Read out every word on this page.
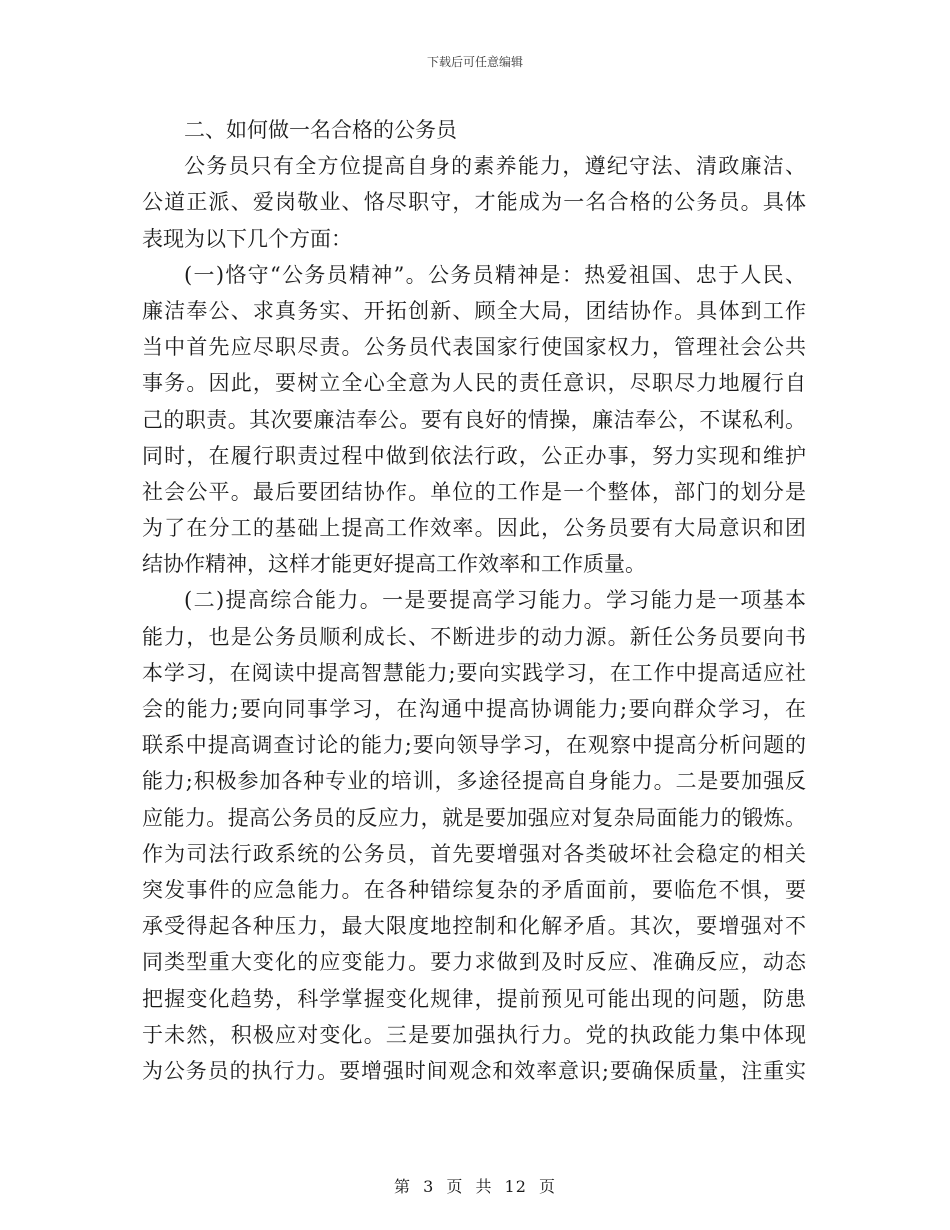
下载后可任意编辑
二、如何做一名合格的公务员
公务员只有全方位提高自身的素养能力，遵纪守法、清政廉洁、
公道正派、爱岗敬业、恪尽职守，才能成为一名合格的公务员。具体
表现为以下几个方面：
(一)恪守“公务员精神”。公务员精神是：热爱祖国、忠于人民、
廉洁奉公、求真务实、开拓创新、顾全大局，团结协作。具体到工作
当中首先应尽职尽责。公务员代表国家行使国家权力，管理社会公共
事务。因此，要树立全心全意为人民的责任意识，尽职尽力地履行自
己的职责。其次要廉洁奉公。要有良好的情操，廉洁奉公，不谋私利。
同时，在履行职责过程中做到依法行政，公正办事，努力实现和维护
社会公平。最后要团结协作。单位的工作是一个整体，部门的划分是
为了在分工的基础上提高工作效率。因此，公务员要有大局意识和团
结协作精神，这样才能更好提高工作效率和工作质量。
(二)提高综合能力。一是要提高学习能力。学习能力是一项基本
能力，也是公务员顺利成长、不断进步的动力源。新任公务员要向书
本学习，在阅读中提高智慧能力;要向实践学习，在工作中提高适应社
会的能力;要向同事学习，在沟通中提高协调能力;要向群众学习，在
联系中提高调查讨论的能力;要向领导学习，在观察中提高分析问题的
能力;积极参加各种专业的培训，多途径提高自身能力。二是要加强反
应能力。提高公务员的反应力，就是要加强应对复杂局面能力的锻炼。
作为司法行政系统的公务员，首先要增强对各类破坏社会稳定的相关
突发事件的应急能力。在各种错综复杂的矛盾面前，要临危不惧，要
承受得起各种压力，最大限度地控制和化解矛盾。其次，要增强对不
同类型重大变化的应变能力。要力求做到及时反应、准确反应，动态
把握变化趋势，科学掌握变化规律，提前预见可能出现的问题，防患
于未然，积极应对变化。三是要加强执行力。党的执政能力集中体现
为公务员的执行力。要增强时间观念和效率意识;要确保质量，注重实
第 3 页 共 12 页
